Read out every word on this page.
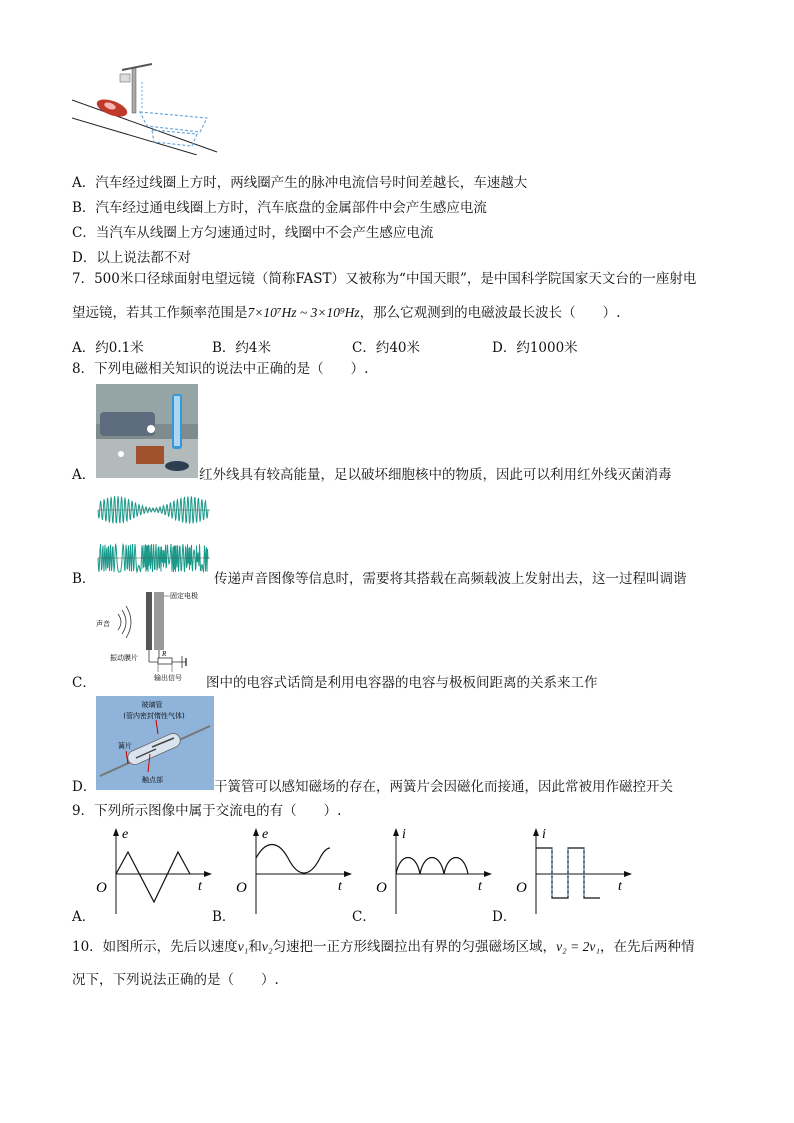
A．汽车经过线圈上方时，两线圈产生的脉冲电流信号时间差越长，车速越大
B．汽车经过通电线圈上方时，汽车底盘的金属部件中会产生感应电流
C．当汽车从线圈上方匀速通过时，线圈中不会产生感应电流
D．以上说法都不对
7．500米口径球面射电望远镜（简称FAST）又被称为“中国天眼”，是中国科学院国家天文台的一座射电
望远镜，若其工作频率范围是7×10⁷Hz ~ 3×10⁹Hz，那么它观测到的电磁波最长波长（　　）.
A．约0.1米	B．约4米	C．约40米	D．约1000米
8．下列电磁相关知识的说法中正确的是（　　）.
A．	红外线具有较高能量，足以破坏细胞核中的物质，因此可以利用红外线灭菌消毒
B．	传递声音图像等信息时，需要将其搭载在高频载波上发射出去，这一过程叫调谐
声音
固定电极
振动膜片	R
输出信号
C．	图中的电容式话筒是利用电容器的电容与极板间距离的关系来工作
玻璃管
(管内密封惰性气体)
簧片
触点部
D．	干簧管可以感知磁场的存在，两簧片会因磁化而接通，因此常被用作磁控开关
9．下列所示图像中属于交流电的有（　　）.
e
t
O
A．
e
t
O
B．
i
t
O
C．
i
t
O
D．
10．如图所示，先后以速度v₁和v₂匀速把一正方形线圈拉出有界的匀强磁场区域，v₂ = 2v₁，在先后两种情
况下，下列说法正确的是（　　）.
